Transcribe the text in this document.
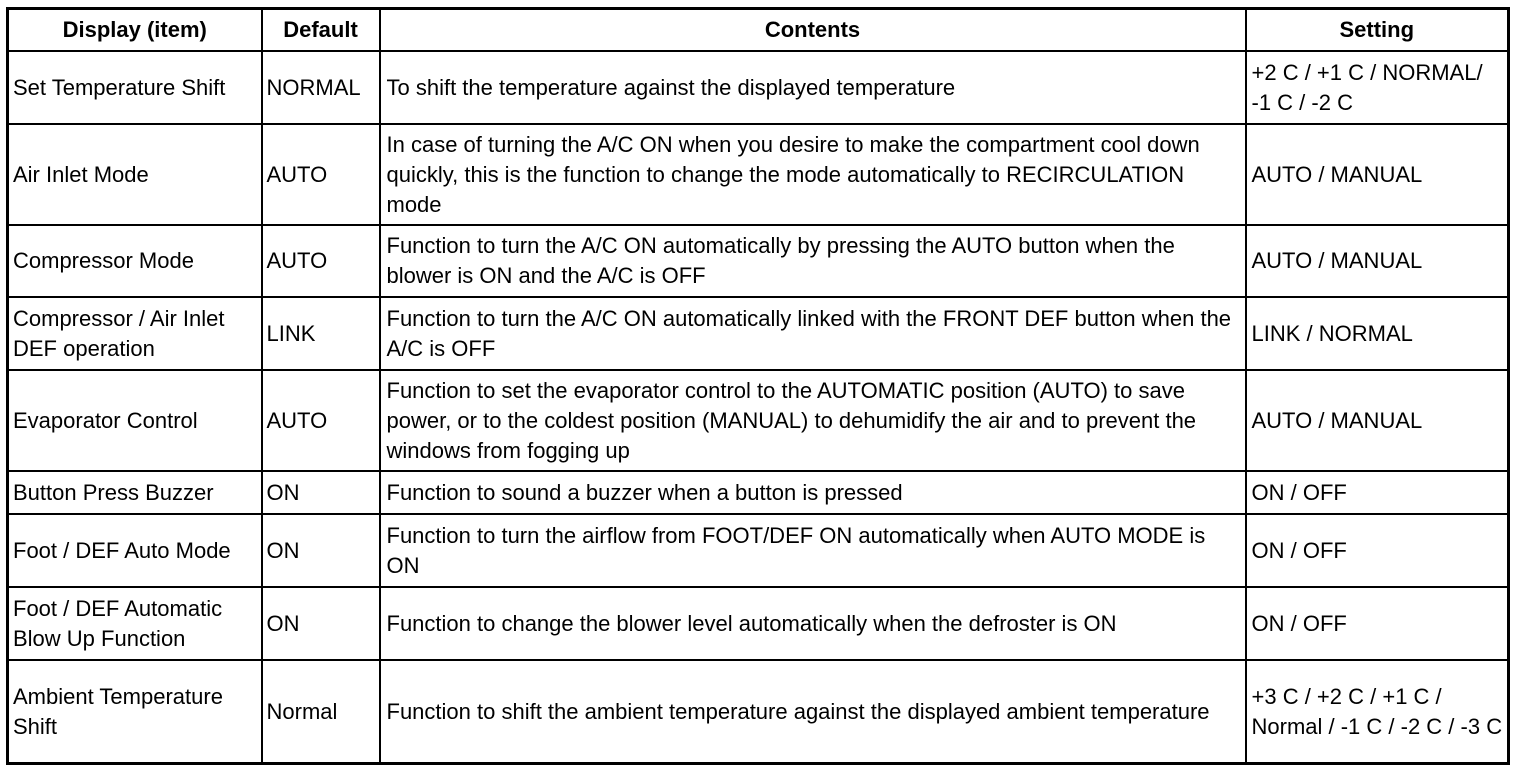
Display (item)	Default	Contents	Setting
Set Temperature Shift	NORMAL	To shift the temperature against the displayed temperature	+2 C / +1 C / NORMAL/ -1 C / -2 C
Air Inlet Mode	AUTO	In case of turning the A/C ON when you desire to make the compartment cool down quickly, this is the function to change the mode automatically to RECIRCULATION mode	AUTO / MANUAL
Compressor Mode	AUTO	Function to turn the A/C ON automatically by pressing the AUTO button when the blower is ON and the A/C is OFF	AUTO / MANUAL
Compressor / Air Inlet DEF operation	LINK	Function to turn the A/C ON automatically linked with the FRONT DEF button when the A/C is OFF	LINK / NORMAL
Evaporator Control	AUTO	Function to set the evaporator control to the AUTOMATIC position (AUTO) to save power, or to the coldest position (MANUAL) to dehumidify the air and to prevent the windows from fogging up	AUTO / MANUAL
Button Press Buzzer	ON	Function to sound a buzzer when a button is pressed	ON / OFF
Foot / DEF Auto Mode	ON	Function to turn the airflow from FOOT/DEF ON automatically when AUTO MODE is ON	ON / OFF
Foot / DEF Automatic Blow Up Function	ON	Function to change the blower level automatically when the defroster is ON	ON / OFF
Ambient Temperature Shift	Normal	Function to shift the ambient temperature against the displayed ambient temperature	+3 C / +2 C / +1 C / Normal / -1 C / -2 C / -3 C
